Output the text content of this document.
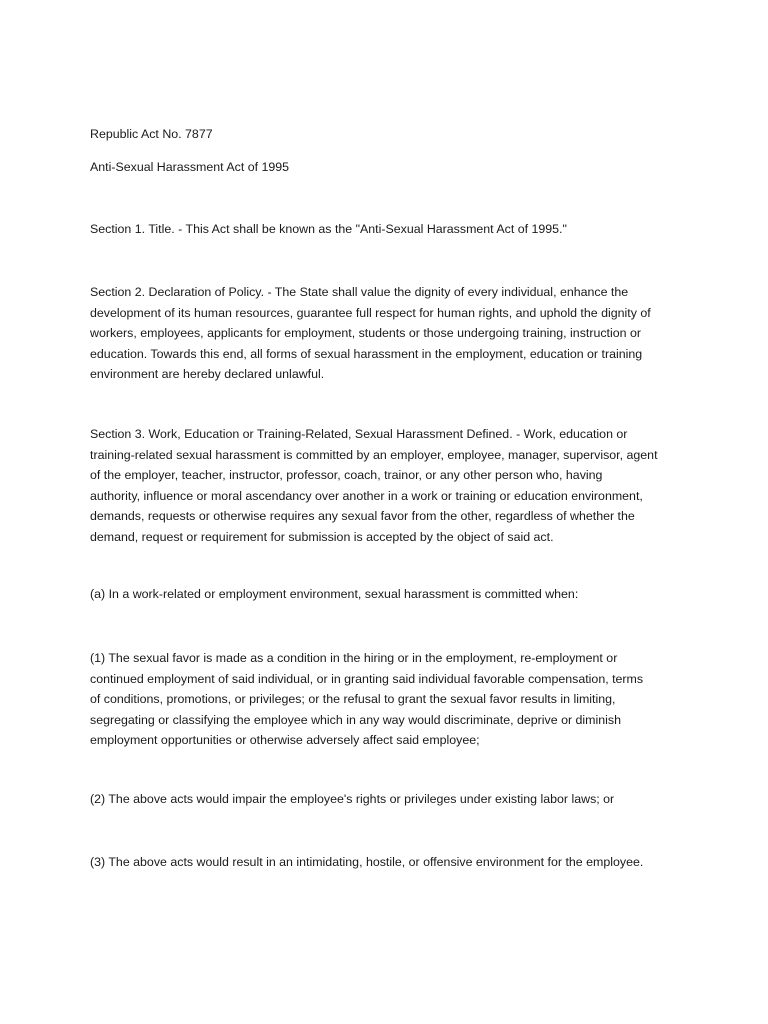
Republic Act No. 7877

Anti-Sexual Harassment Act of 1995

Section 1. Title. - This Act shall be known as the "Anti-Sexual Harassment Act of 1995."

Section 2. Declaration of Policy. - The State shall value the dignity of every individual, enhance the
development of its human resources, guarantee full respect for human rights, and uphold the dignity of
workers, employees, applicants for employment, students or those undergoing training, instruction or
education. Towards this end, all forms of sexual harassment in the employment, education or training
environment are hereby declared unlawful.

Section 3. Work, Education or Training-Related, Sexual Harassment Defined. - Work, education or
training-related sexual harassment is committed by an employer, employee, manager, supervisor, agent
of the employer, teacher, instructor, professor, coach, trainor, or any other person who, having
authority, influence or moral ascendancy over another in a work or training or education environment,
demands, requests or otherwise requires any sexual favor from the other, regardless of whether the
demand, request or requirement for submission is accepted by the object of said act.

(a) In a work-related or employment environment, sexual harassment is committed when:

(1) The sexual favor is made as a condition in the hiring or in the employment, re-employment or
continued employment of said individual, or in granting said individual favorable compensation, terms
of conditions, promotions, or privileges; or the refusal to grant the sexual favor results in limiting,
segregating or classifying the employee which in any way would discriminate, deprive or diminish
employment opportunities or otherwise adversely affect said employee;

(2) The above acts would impair the employee's rights or privileges under existing labor laws; or

(3) The above acts would result in an intimidating, hostile, or offensive environment for the employee.
